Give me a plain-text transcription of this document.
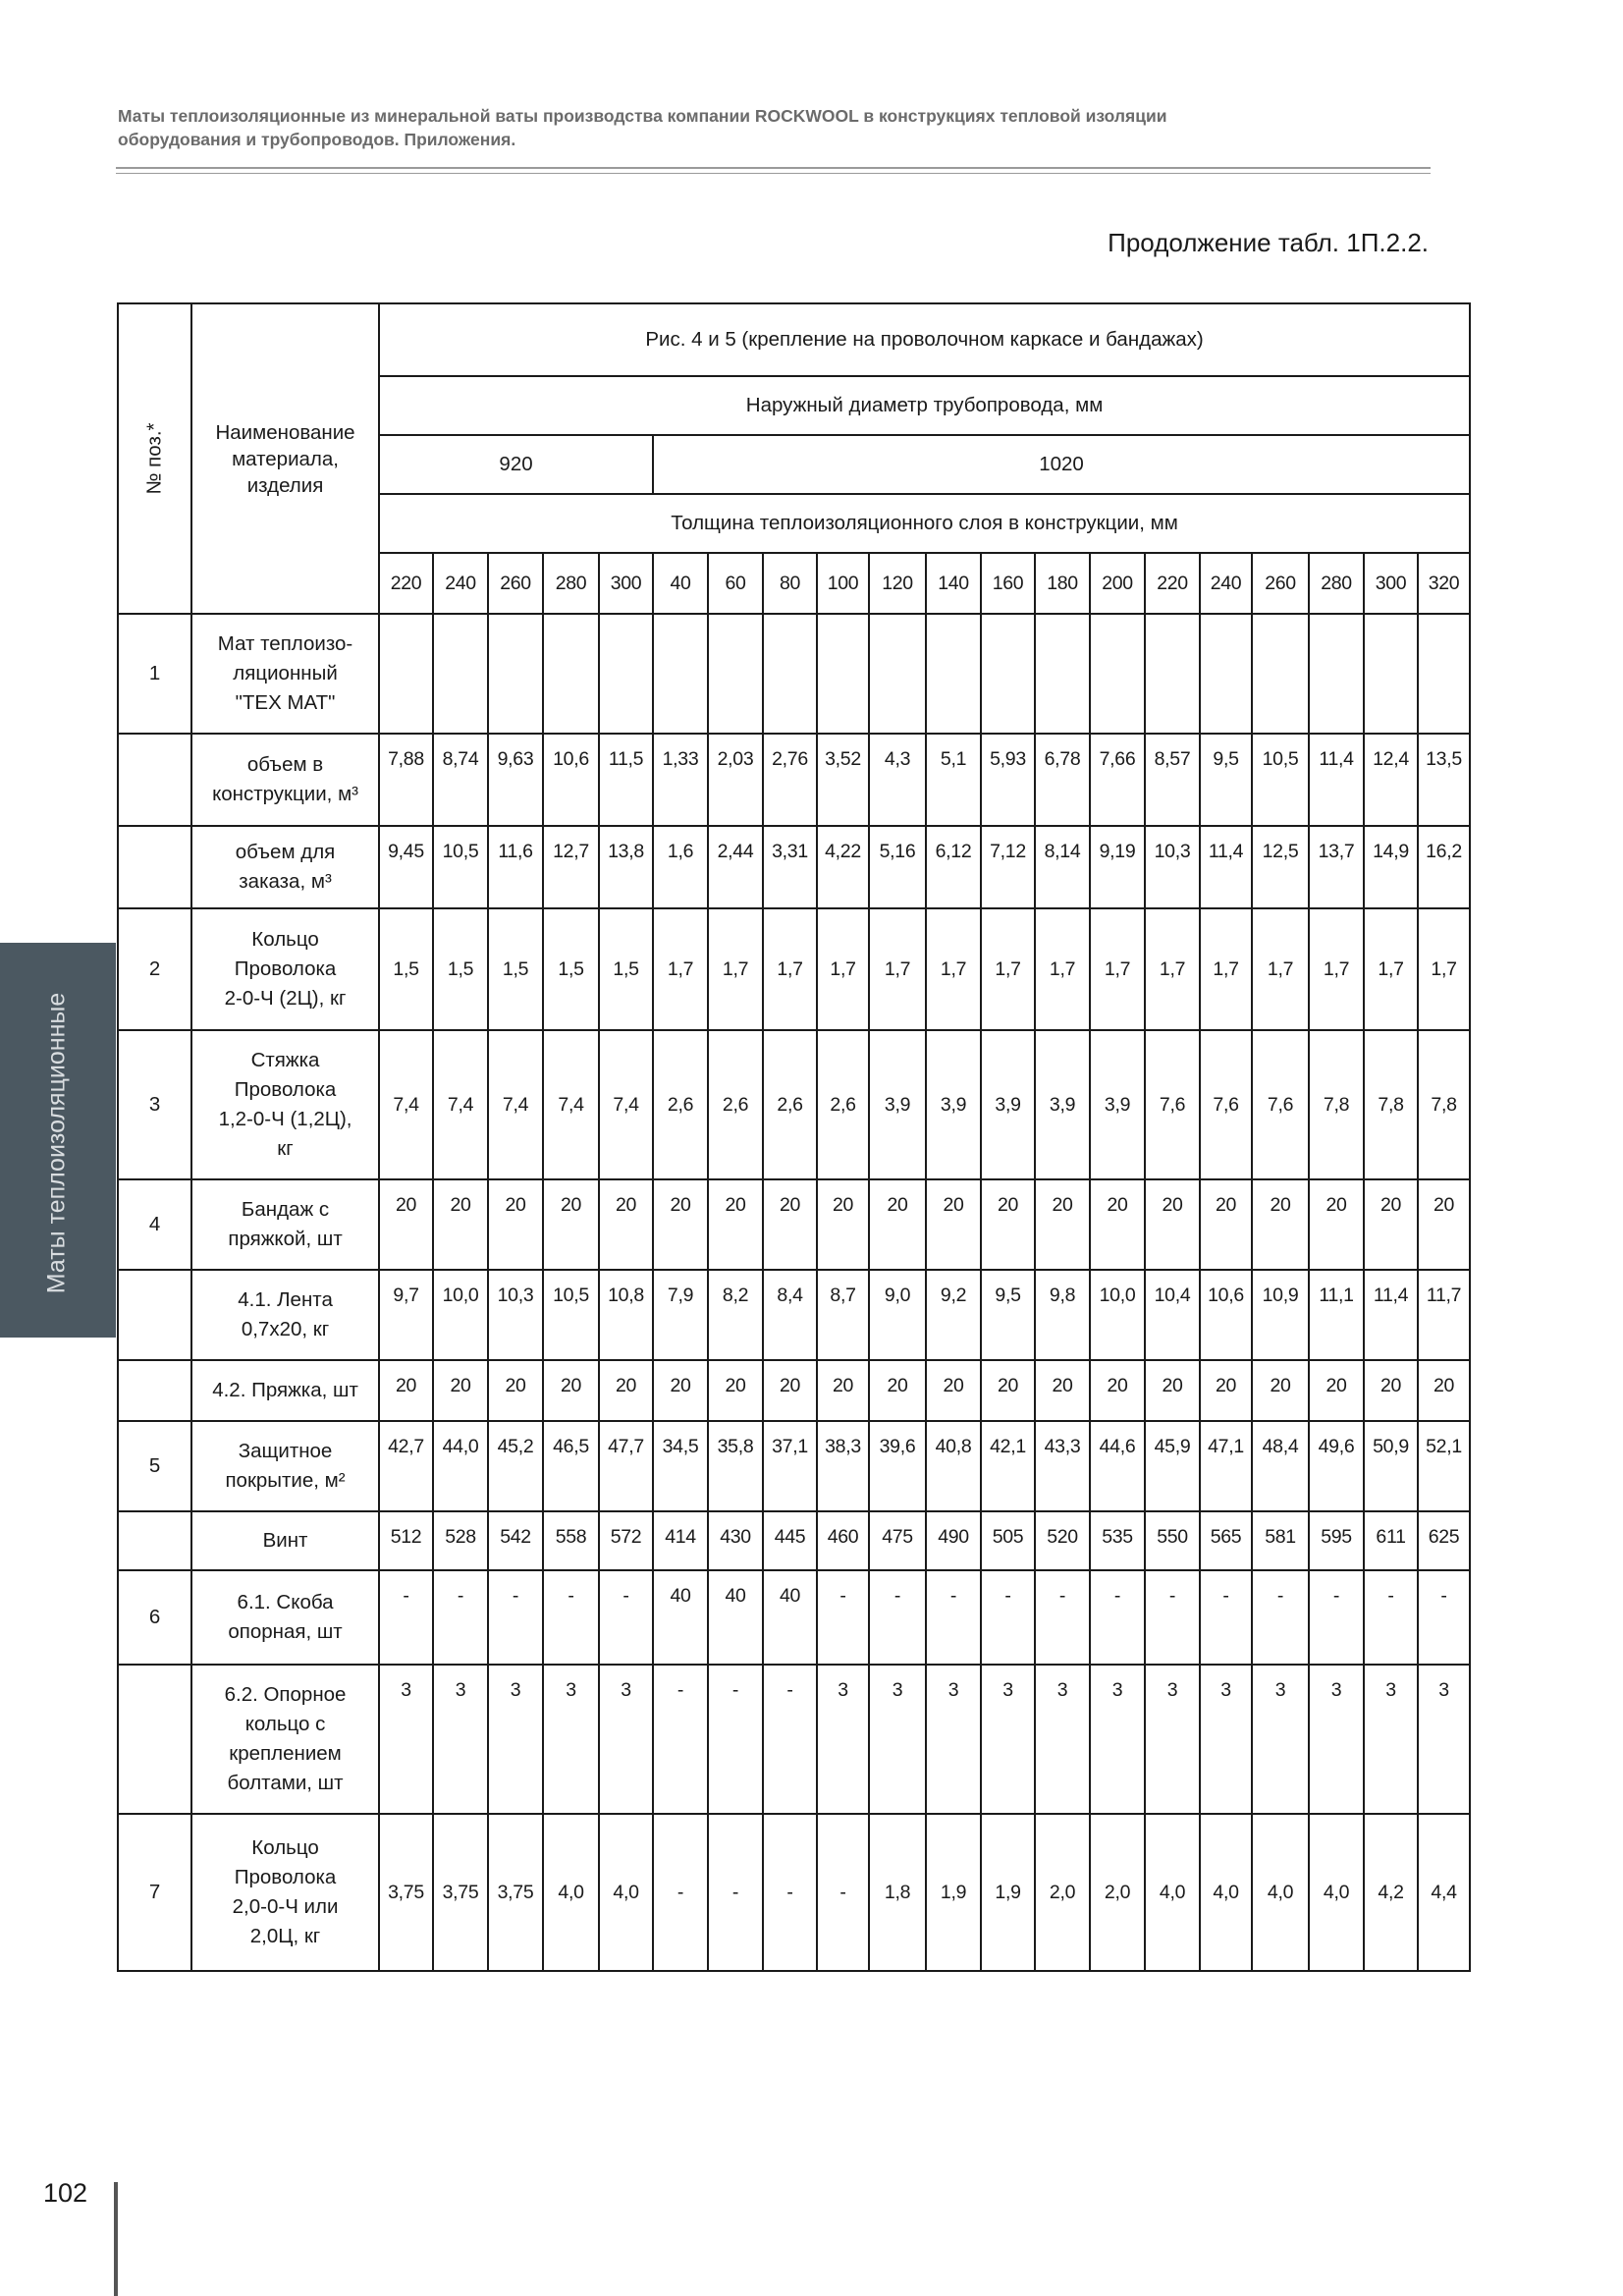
Маты теплоизоляционные из минеральной ваты производства компании ROCKWOOL в конструкциях тепловой изоляции
оборудования и трубопроводов. Приложения.
Продолжение табл. 1П.2.2.
Маты теплоизоляционные
№ поз.*	Наименование материала, изделия	Рис. 4 и 5 (крепление на проволочном каркасе и бандажах)																			
		Наружный диаметр трубопровода, мм																			
		920					1020														
		Толщина теплоизоляционного слоя в конструкции, мм																			
		220	240	260	280	300	40	60	80	100	120	140	160	180	200	220	240	260	280	300	320
1	Мат теплоизо-
ляционный
"ТЕХ МАТ"																				
	объем в
конструкции, м³	7,88	8,74	9,63	10,6	11,5	1,33	2,03	2,76	3,52	4,3	5,1	5,93	6,78	7,66	8,57	9,5	10,5	11,4	12,4	13,5
	объем для
заказа, м³	9,45	10,5	11,6	12,7	13,8	1,6	2,44	3,31	4,22	5,16	6,12	7,12	8,14	9,19	10,3	11,4	12,5	13,7	14,9	16,2
2	Кольцо
Проволока
2-0-Ч (2Ц), кг	1,5	1,5	1,5	1,5	1,5	1,7	1,7	1,7	1,7	1,7	1,7	1,7	1,7	1,7	1,7	1,7	1,7	1,7	1,7	1,7
3	Стяжка
Проволока
1,2-0-Ч (1,2Ц),
кг	7,4	7,4	7,4	7,4	7,4	2,6	2,6	2,6	2,6	3,9	3,9	3,9	3,9	3,9	7,6	7,6	7,6	7,8	7,8	7,8
4	Бандаж с
пряжкой, шт	20	20	20	20	20	20	20	20	20	20	20	20	20	20	20	20	20	20	20	20
	4.1. Лента
0,7х20, кг	9,7	10,0	10,3	10,5	10,8	7,9	8,2	8,4	8,7	9,0	9,2	9,5	9,8	10,0	10,4	10,6	10,9	11,1	11,4	11,7
	4.2. Пряжка, шт	20	20	20	20	20	20	20	20	20	20	20	20	20	20	20	20	20	20	20	20
5	Защитное
покрытие, м²	42,7	44,0	45,2	46,5	47,7	34,5	35,8	37,1	38,3	39,6	40,8	42,1	43,3	44,6	45,9	47,1	48,4	49,6	50,9	52,1
	Винт	512	528	542	558	572	414	430	445	460	475	490	505	520	535	550	565	581	595	611	625
6	6.1. Скоба
опорная, шт	-	-	-	-	-	40	40	40	-	-	-	-	-	-	-	-	-	-	-	-
	6.2. Опорное
кольцо с
креплением
болтами, шт	3	3	3	3	3	-	-	-	3	3	3	3	3	3	3	3	3	3	3	3
7	Кольцо
Проволока
2,0-0-Ч или
2,0Ц, кг	3,75	3,75	3,75	4,0	4,0	-	-	-	-	1,8	1,9	1,9	2,0	2,0	4,0	4,0	4,0	4,0	4,2	4,4
102
